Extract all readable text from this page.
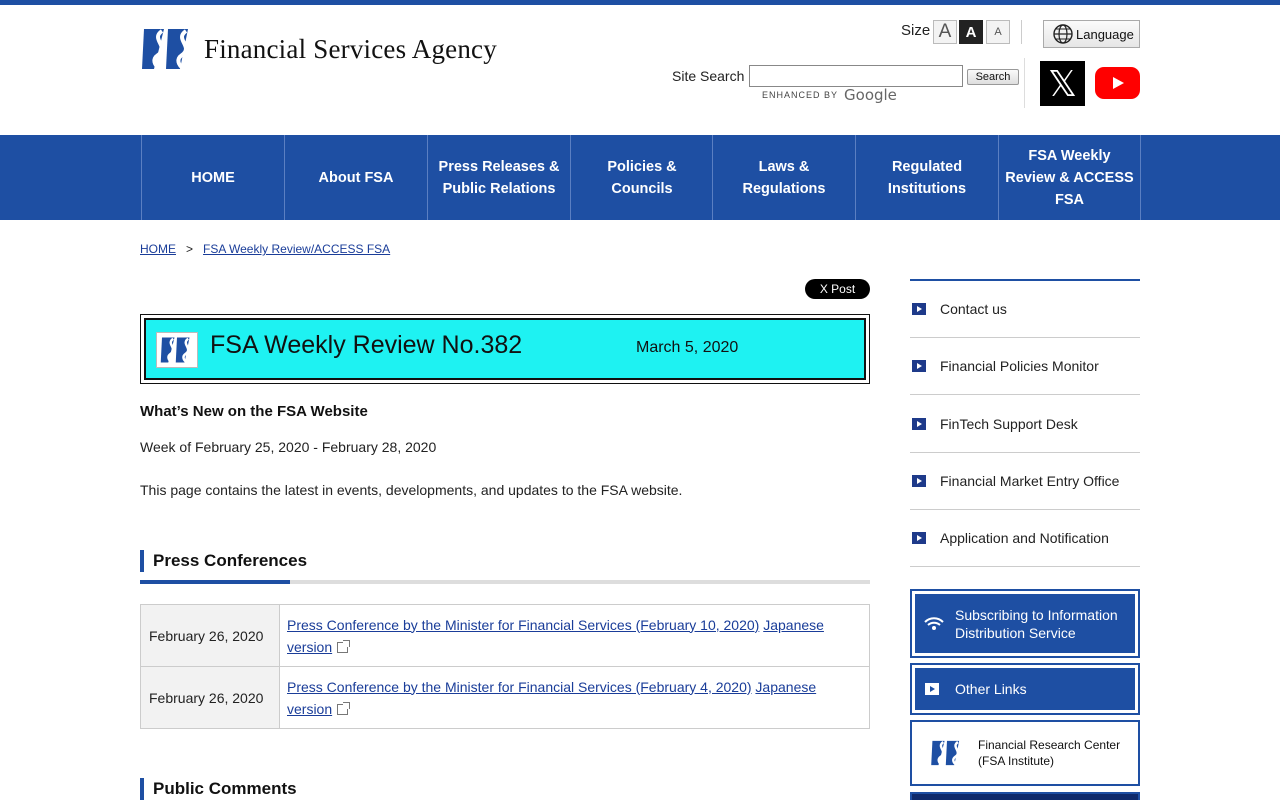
Financial Services Agency
Size A A	A	Language
Site Search	Search
ENHANCED BY Google	𝕏
HOME	About FSA
Press Releases & Public Relations
Policies & Councils
Laws & Regulations
Regulated Institutions
FSA Weekly Review & ACCESS FSA
HOME > FSA Weekly Review/ACCESS FSA
X Post
FSA Weekly Review No.382	March 5, 2020
What’s New on the FSA Website
Week of February 25, 2020 - February 28, 2020
This page contains the latest in events, developments, and updates to the FSA website.
Press Conferences
February 26, 2020	Press Conference by the Minister for Financial Services (February 10, 2020) Japanese
version
February 26, 2020	Press Conference by the Minister for Financial Services (February 4, 2020) Japanese
version
Public Comments
Contact us
Financial Policies Monitor
FinTech Support Desk
Financial Market Entry Office
Application and Notification
Subscribing to Information
Distribution Service
Other Links
Financial Research Center
(FSA Institute)
